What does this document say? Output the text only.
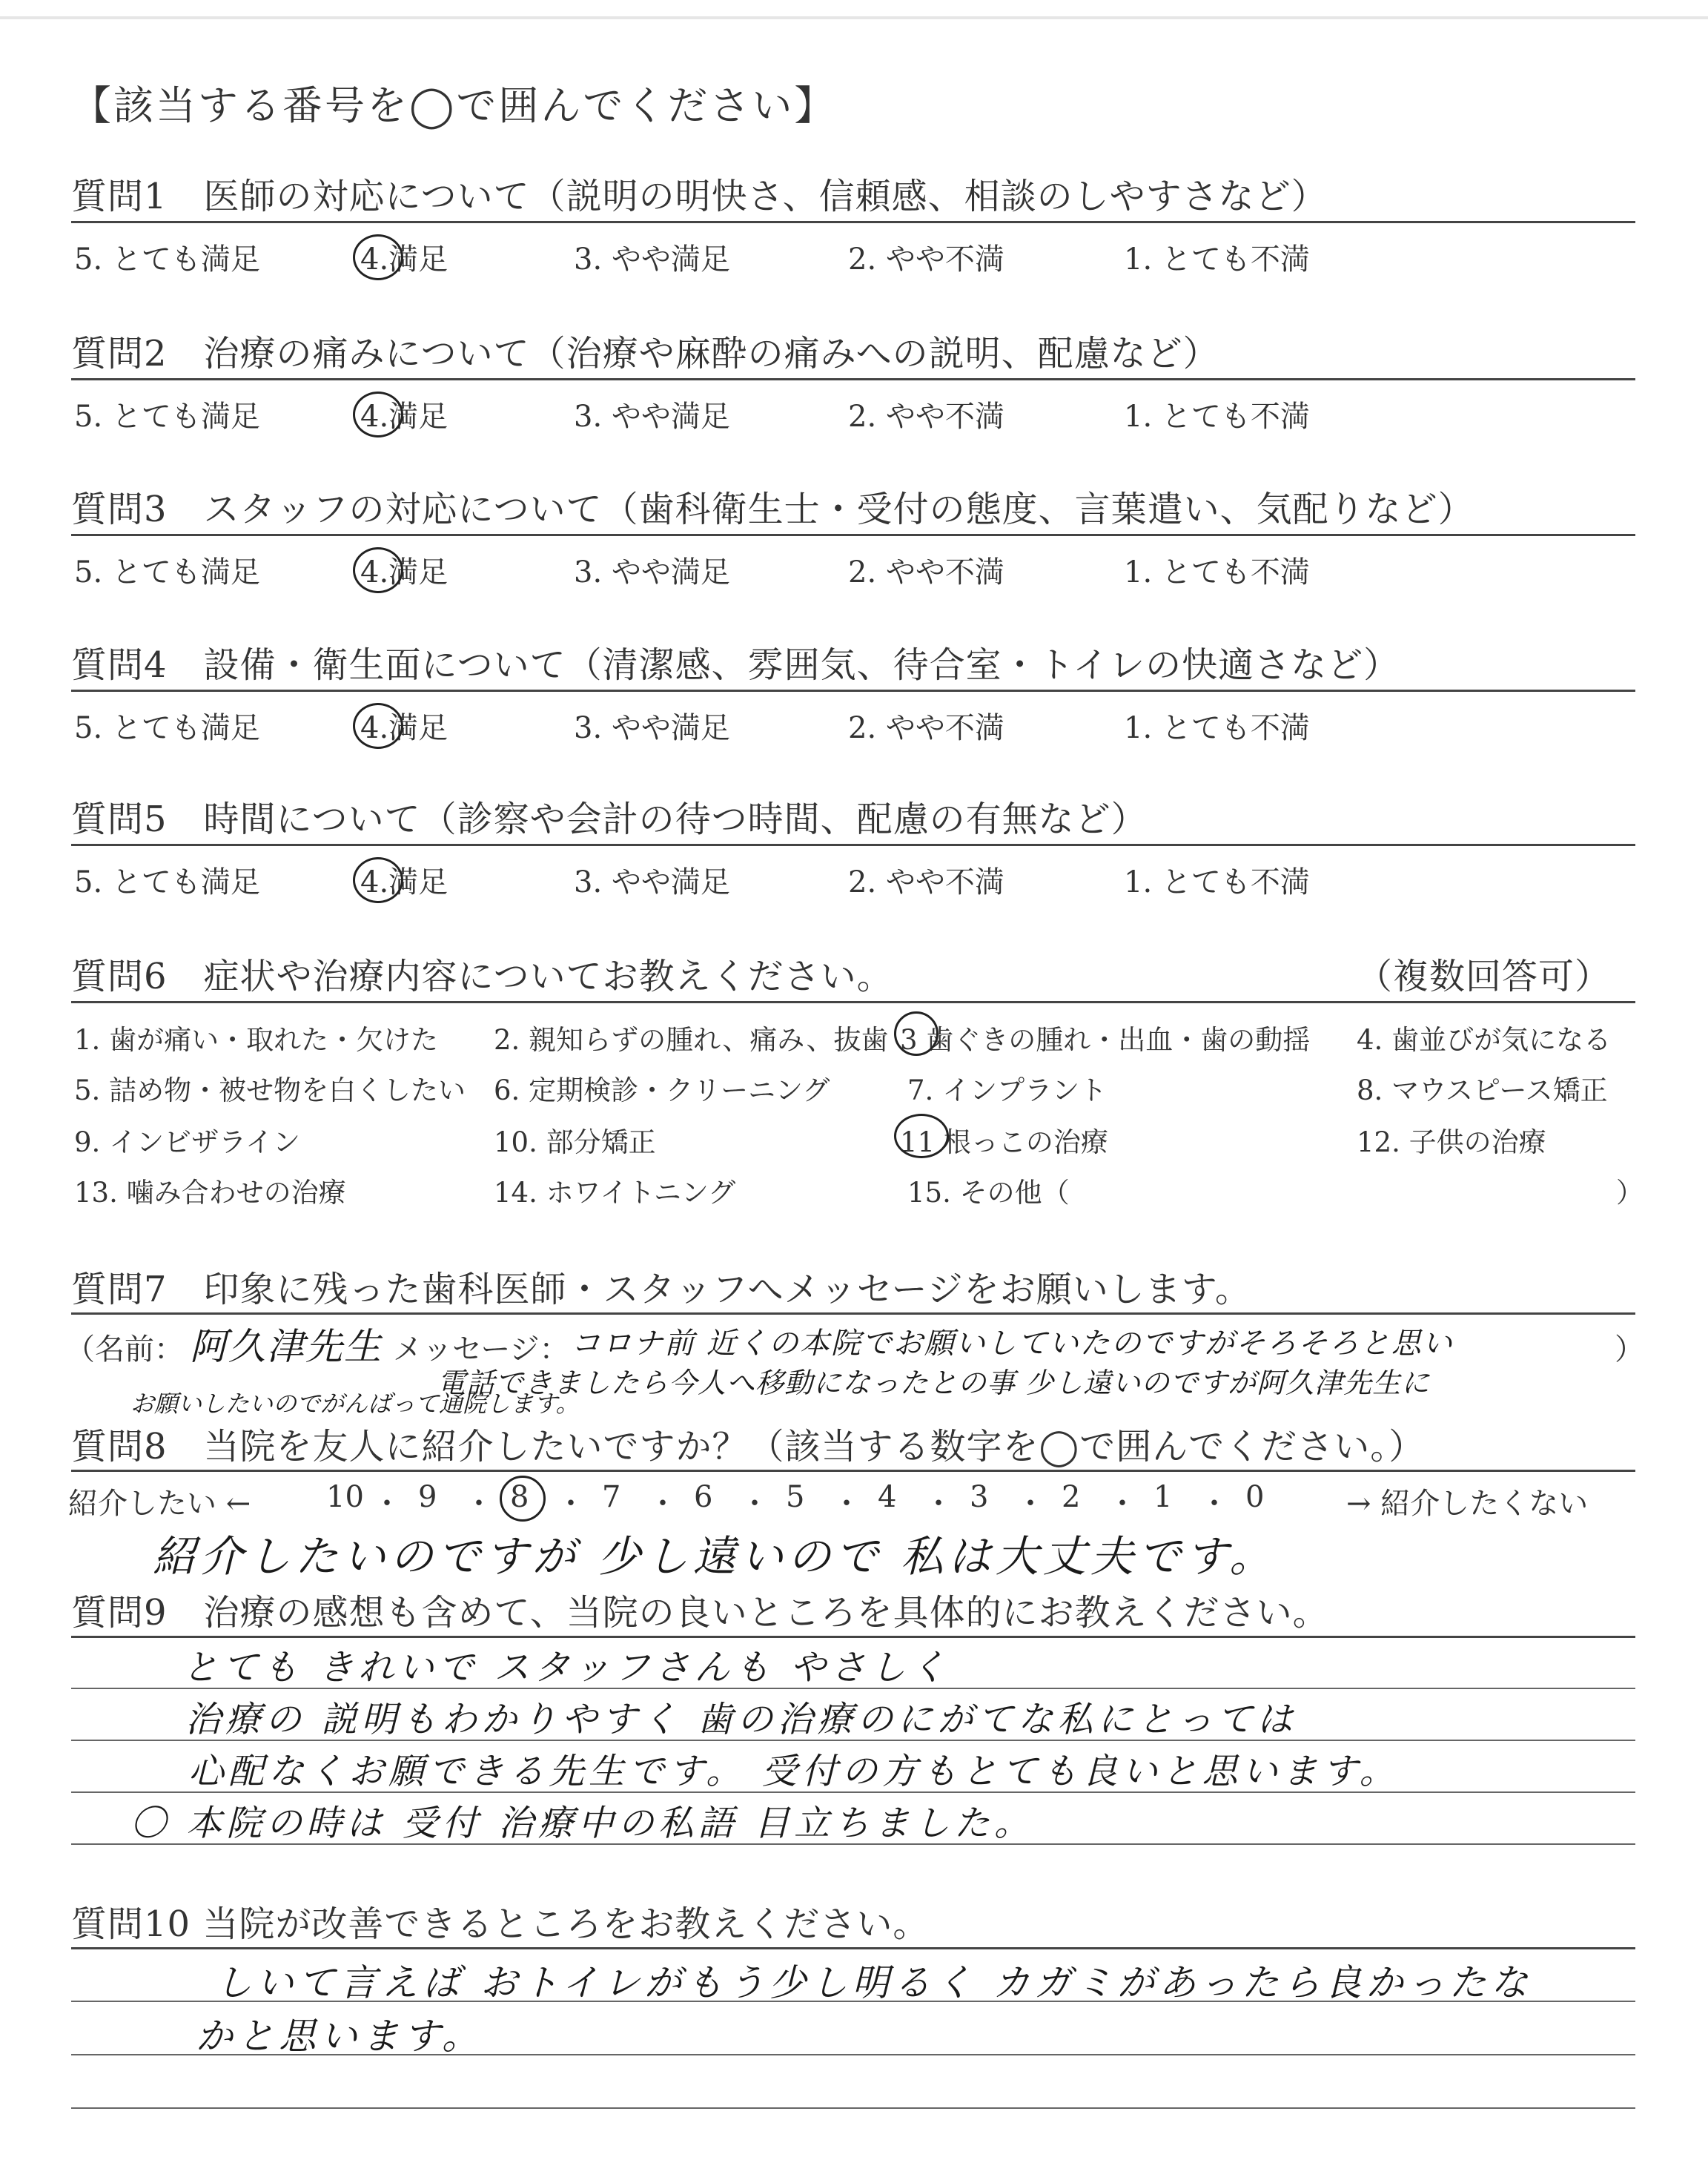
【該当する番号を◯で囲んでください】
質問1　医師の対応について（説明の明快さ、信頼感、相談のしやすさなど）
5. とても満足	4.満足	3. やや満足	2. やや不満	1. とても不満
質問2　治療の痛みについて（治療や麻酔の痛みへの説明、配慮など）
5. とても満足	4.満足	3. やや満足	2. やや不満	1. とても不満
質問3　スタッフの対応について（歯科衛生士・受付の態度、言葉遣い、気配りなど）
5. とても満足	4.満足	3. やや満足	2. やや不満	1. とても不満
質問4　設備・衛生面について（清潔感、雰囲気、待合室・トイレの快適さなど）
5. とても満足	4.満足	3. やや満足	2. やや不満	1. とても不満
質問5　時間について（診察や会計の待つ時間、配慮の有無など）
5. とても満足	4.満足	3. やや満足	2. やや不満	1. とても不満
質問6　症状や治療内容についてお教えください。	（複数回答可）
1. 歯が痛い・取れた・欠けた 2. 親知らずの腫れ、痛み、抜歯 3 歯ぐきの腫れ・出血・歯の動揺 4. 歯並びが気になる
5. 詰め物・被せ物を白くしたい 6. 定期検診・クリーニング	7. インプラント	8. マウスピース矯正
9. インビザライン	10. 部分矯正	11 根っこの治療	12. 子供の治療
13. 噛み合わせの治療	14. ホワイトニング	15. その他（	）
質問7　印象に残った歯科医師・スタッフへメッセージをお願いします。
（名前： 阿久津先生 メッセージ： コロナ前 近くの本院でお願いしていたのですがそろそろと思い	）
電話できましたら今人へ移動になったとの事 少し遠いのですが阿久津先生に
お願いしたいのでがんばって通院します。
質問8　当院を友人に紹介したいですか？（該当する数字を◯で囲んでください。）
紹介したい ←	10 ・ 9 ・ 8 ・ 7 ・ 6 ・ 5 ・ 4 ・ 3 ・ 2 ・ 1 ・ 0	→ 紹介したくない
紹介したいのですが 少し遠いので 私は大丈夫です。
質問9　治療の感想も含めて、当院の良いところを具体的にお教えください。
とても きれいで スタッフさんも やさしく
治療の 説明もわかりやすく 歯の治療のにがてな私にとっては
心配なくお願できる先生です。 受付の方もとても良いと思います。
〇 本院の時は 受付 治療中の私語 目立ちました。
質問10 当院が改善できるところをお教えください。
しいて言えば おトイレがもう少し明るく カガミがあったら良かったな
かと思います。
